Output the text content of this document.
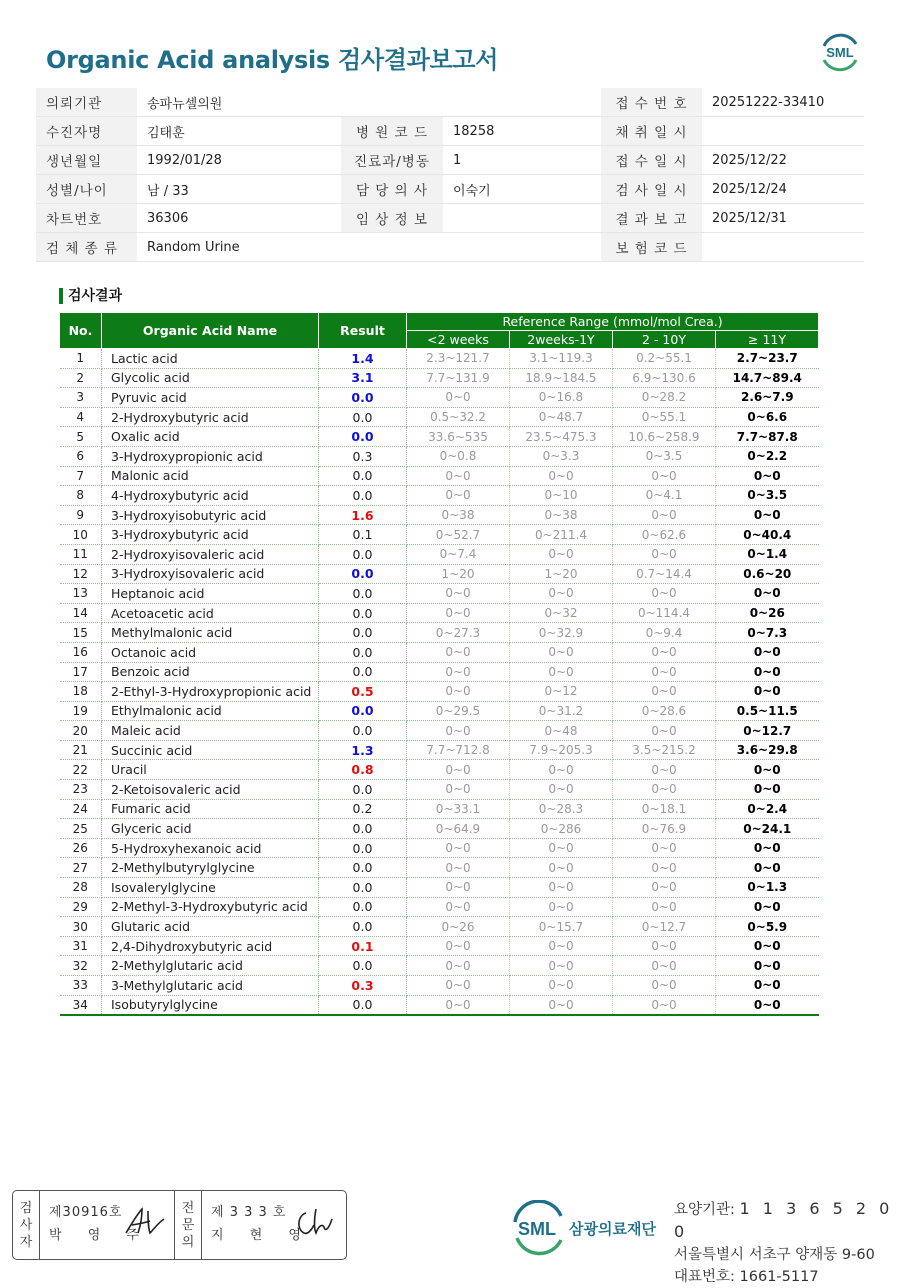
Organic Acid analysis 검사결과보고서	SML
의뢰기관	송파뉴셀의원			접 수 번 호	20251222-33410
수진자명	김태훈	병 원 코 드	18258	채 취 일 시	
생년월일	1992/01/28	진료과/병동	1	접 수 일 시	2025/12/22
성별/나이	남 / 33	담 당 의 사	이숙기	검 사 일 시	2025/12/24
차트번호	36306	임 상 정 보		결 과 보 고	2025/12/31
검 체 종 류	Random Urine			보 험 코 드	
검사결과
No.	Organic Acid Name	Result	Reference Range (mmol/mol Crea.)			
			<2 weeks	2weeks-1Y	2 - 10Y	≥ 11Y
1	Lactic acid	1.4	2.3~121.7	3.1~119.3	0.2~55.1	2.7~23.7
2	Glycolic acid	3.1	7.7~131.9	18.9~184.5	6.9~130.6	14.7~89.4
3	Pyruvic acid	0.0	0~0	0~16.8	0~28.2	2.6~7.9
4	2-Hydroxybutyric acid	0.0	0.5~32.2	0~48.7	0~55.1	0~6.6
5	Oxalic acid	0.0	33.6~535	23.5~475.3	10.6~258.9	7.7~87.8
6	3-Hydroxypropionic acid	0.3	0~0.8	0~3.3	0~3.5	0~2.2
7	Malonic acid	0.0	0~0	0~0	0~0	0~0
8	4-Hydroxybutyric acid	0.0	0~0	0~10	0~4.1	0~3.5
9	3-Hydroxyisobutyric acid	1.6	0~38	0~38	0~0	0~0
10	3-Hydroxybutyric acid	0.1	0~52.7	0~211.4	0~62.6	0~40.4
11	2-Hydroxyisovaleric acid	0.0	0~7.4	0~0	0~0	0~1.4
12	3-Hydroxyisovaleric acid	0.0	1~20	1~20	0.7~14.4	0.6~20
13	Heptanoic acid	0.0	0~0	0~0	0~0	0~0
14	Acetoacetic acid	0.0	0~0	0~32	0~114.4	0~26
15	Methylmalonic acid	0.0	0~27.3	0~32.9	0~9.4	0~7.3
16	Octanoic acid	0.0	0~0	0~0	0~0	0~0
17	Benzoic acid	0.0	0~0	0~0	0~0	0~0
18	2-Ethyl-3-Hydroxypropionic acid	0.5	0~0	0~12	0~0	0~0
19	Ethylmalonic acid	0.0	0~29.5	0~31.2	0~28.6	0.5~11.5
20	Maleic acid	0.0	0~0	0~48	0~0	0~12.7
21	Succinic acid	1.3	7.7~712.8	7.9~205.3	3.5~215.2	3.6~29.8
22	Uracil	0.8	0~0	0~0	0~0	0~0
23	2-Ketoisovaleric acid	0.0	0~0	0~0	0~0	0~0
24	Fumaric acid	0.2	0~33.1	0~28.3	0~18.1	0~2.4
25	Glyceric acid	0.0	0~64.9	0~286	0~76.9	0~24.1
26	5-Hydroxyhexanoic acid	0.0	0~0	0~0	0~0	0~0
27	2-Methylbutyrylglycine	0.0	0~0	0~0	0~0	0~0
28	Isovalerylglycine	0.0	0~0	0~0	0~0	0~1.3
29	2-Methyl-3-Hydroxybutyric acid	0.0	0~0	0~0	0~0	0~0
30	Glutaric acid	0.0	0~26	0~15.7	0~12.7	0~5.9
31	2,4-Dihydroxybutyric acid	0.1	0~0	0~0	0~0	0~0
32	2-Methylglutaric acid	0.0	0~0	0~0	0~0	0~0
33	3-Methylglutaric acid	0.3	0~0	0~0	0~0	0~0
34	Isobutyrylglycine	0.0	0~0	0~0	0~0	0~0
검
사
자
제30916호
박 영 주
전
문
의
제 3 3 3 호
지 현 영	SML 삼광의료재단
요양기관: 1 1 3 6 5 2 0 0
서울특별시 서초구 양재동 9-60
대표번호: 1661-5117
